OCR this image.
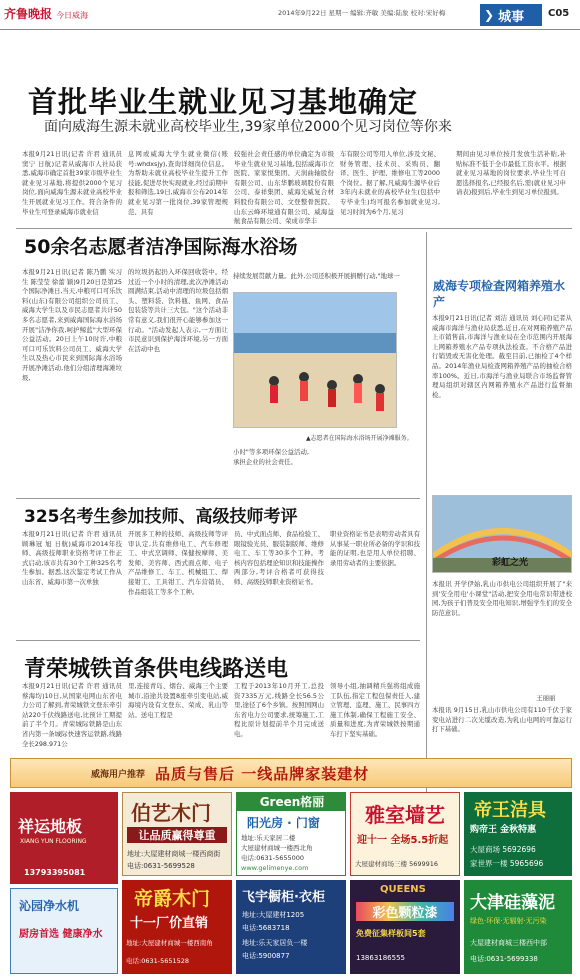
齐鲁晚报 今日威海	2014年9月22日 星期一 编辑:齐敏 美编:陆象 校对:宋好梅	❯ 城事 C05
首批毕业生就业见习基地确定
面向威海生源未就业高校毕业生,39家单位2000个见习岗位等你来
本报9月21日讯(记者 许君 通讯员 窦宁 日航)记者从威海市人社局获悉,威海市确定首批39家市级毕业生就业见习基地,将提供2000个见习岗位,面向威海生源未就业高校毕业生开展就业见习工作。符合条件的毕业生可登录威海市就业信
息网或威海大学生就业微信(账号:whdxsjy),查询详细岗位信息。为帮助未就业高校毕业生提升工作技能,促进尽快实现就业,经过前期申报和筛选,19日,威海市公布2014年就业见习第一批岗位,39家管理规范、具有
较强社会责任感的单位确定为市级毕业生就业见习基地,包括威海市立医院、家家悦集团、天润曲轴股份有限公司、山东华鹏玻璃股份有限公司、泰祥集团、威海光威复合材料股份有限公司、文登整骨医院、山东云峰环境通有限公司、威海益航食品有限公司、荣成市华丰
车有限公司等用人单位,涉及文秘、财务管理、技术员、采购员、翻译、医生、护理、维修电工等2000个岗位。据了解,凡威海生源毕业后3年内未就业的高校毕业生(包括中专毕业生)均可报名参加就业见习,见习时间为6个月,见习
期间由见习单位按月发放生活补贴,补贴标准不低于全市最低工资水平。根据就业见习基地的岗位要求,毕业生可自愿选择报名,已经报名后,需(就业见习申请表)报到后,毕业生到见习单位报到。
50余名志愿者洁净国际海水浴场
本报9月21日讯(记者 陈乃鹏 实习生 陈莹莹 徐蕾 颖)9月20日是第25个国际净滩日,当天,中粮可口可乐饮料(山东)有限公司组织公司员工、威海大学生以及市民志愿者共计50多名志愿者,来到威海国际海水浴场开展"洁净你我,呵护鲸蓝"大型环保公益活动。20日上午10时许,中粮可口可乐饮料公司员工、威海大学生以及热心市民来到国际海水浴场开展净滩活动,他们分组清理海滩垃圾,
的垃圾扔起扔入环保回收袋中。经过近一个小时的清理,此次净滩活动圆满结束,活动中清理的垃圾包括烟头、塑料袋、饮料瓶、鱼网、食品包装袋等共计三大包。"这个活动非常有意义,我们很开心能够参加这一行动。"活动发起人表示,一方面让市民意识到保护海洋环境,另一方面在活动中也
持续发展贯献力量。此外,公司还积极开展捐赠行动,"地球一
小时"等多项环保公益活动,承担企业的社会责任。
▲志愿者在国际海水浴场开展净滩服务。
威海专项检查网箱养殖水产
本报9月21日讯(记者 刘洁 通讯员 刘心同)记者从威海市海洋与渔业局获悉,近日,在对网箱养殖产品上市销售前,市海洋与渔业局在全市范围内开展海上网箱养殖水产品专项执法检查。不合格产品进行销毁或无害化处理。截至目前,已抽检了4个样品。2014年渔业局检查网箱养殖产品的抽检合格率100%。近日,市海洋与渔业局联合市场监督管理局组织对辖区内网箱养殖水产品进行监督抽检。
彩虹之光
本报讯 开学伊始,乳山市供电公司组织开展了"来到'安全用电'小课堂"活动,把安全用电常识带进校园,为孩子们普及安全用电知识,增强学生们的安全防范意识。
王丽丽
本报讯 9月15日,乳山市供电公司有110千伏于家变电站进行二次光缆改造,为乳山电网的可靠运行打下基础。
325名考生参加技师、高级技师考评
本报9月21日讯(记者 许君 通讯员 顾琳冠 旭 日航)威海市2014年技师、高级技师职业资格考评工作正式启动,该市共有30个工种325名考生参加。据悉,这次鉴定考试工作从山东省、威海市第一次单独
开展多工种的技师、高级技师等评审认定,共有维修电工、汽车修理工、中式烹调师、保健按摩师、美发师、美容师、西式面点师、电子产品维修工、车工、机械组工、焊接钳工、工具钳工、汽车营销员、作品组装工等多个工种。
员、中式面点师、食品检验工、眼镜验光员、服装制版师、维修电工、车工等30多个工种。考核内容包括理论知识和技能操作两部分,考评合格者可获得技师、高级技师职业资格证书。
职业资格证书是表明劳动者具有从事某一职业所必备的学识和技能的证明,也是用人单位招聘、录用劳动者的主要依据。
青荣城铁首条供电线路送电
本报9月21日讯(记者 许君 通讯员 蔡海均)10日,从国家电网山东省电力公司了解到,青荣城铁文登东牵引站220千伏线路送电,比预计工期提前了半个月。青荣城际铁路是山东省内第一条城际快速客运铁路,线路全长298.971公
里,连接青岛、烟台、威海三个主要城市,沿途共设置8座牵引变电站,威海境内设有文登东、荣成、乳山等站。送电工程是
工程于2013年10月开工,总投资7335万元,线路全长56.5公里,途径了6个乡镇。按照国网山东省电力公司要求,统筹施工,工程比原计划提前半个月完成送电。
领导小组,抽调精兵强将组成施工队伍,指定工程包保责任人,建立管理、监理、施工、民事四方施工体制,确保工程施工安全、质量和进度,为青荣城铁按期通车打下坚实基础。
威海用户推荐 品质与售后 一线品牌家装建材
祥运地板
XIANG YUN FLOORING
13793395081
伯艺木门
让品质赢得尊重
地址:大屋建材商城一楼西商街
电话:0631-5699528
Green格丽
阳光房 · 门窗
地址:乐天家居二楼
大屋建材商城一楼西北角
电话:0631-5655000
www.gelimenye.com
雅室墙艺
迎十一 全场5.5折起
大屋建材商场三楼 5699916
帝王洁具
购帝王 金秋特惠
大屋商场 5692696
家世界一楼 5965696
沁园净水机
厨房首选 健康净水
帝爵木门
十一厂价直销
地址:大屋建材商城一楼西南角
电话:0631-5651528
飞宇橱柜·衣柜
地址:大屋建材1205
电话:5683718
地址:乐天家居负一楼
电话:5900877
QUEENS
彩色颗粒漆
免费征集样板间5套
13863186555
大津硅藻泥
绿色·环保·无辐射·无污染
大屋建材商城三楼西中部
电话:0631-5699338
